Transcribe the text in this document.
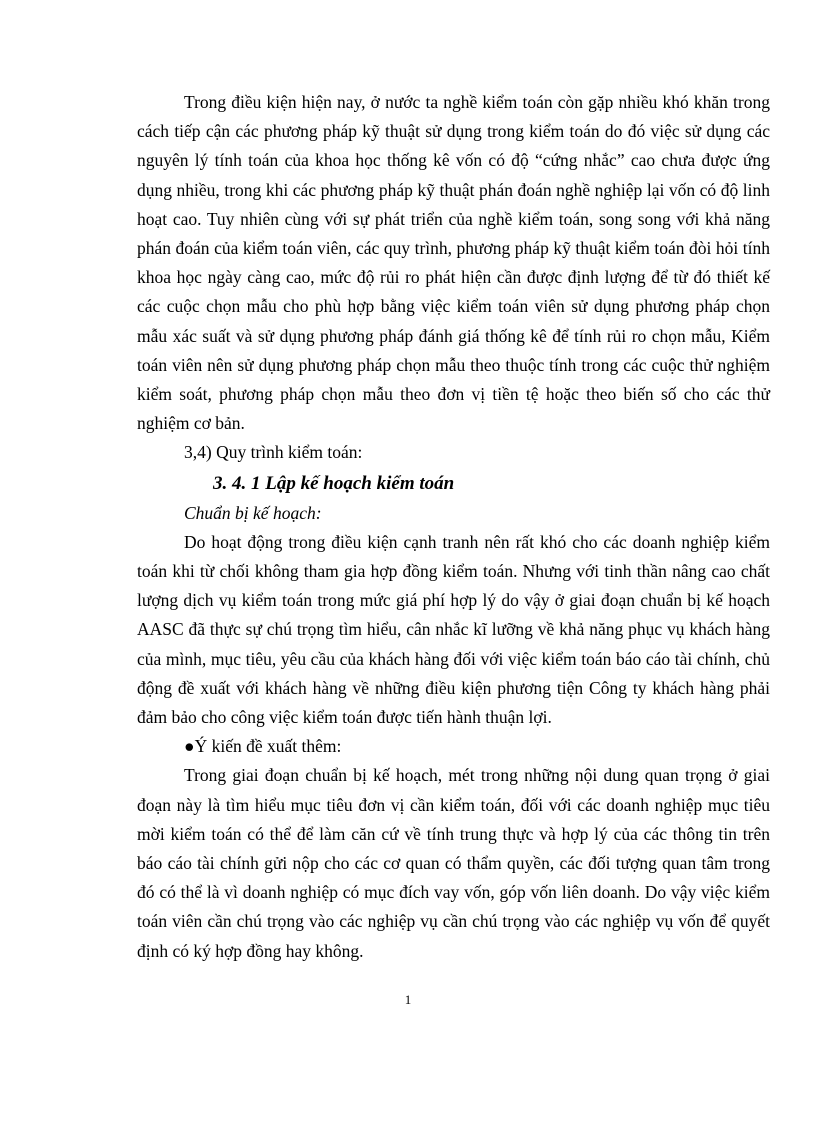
Trong điều kiện hiện nay, ở nước ta nghề kiểm toán còn gặp nhiều khó khăn trong cách tiếp cận các phương pháp kỹ thuật sử dụng trong kiểm toán do đó việc sử dụng các nguyên lý tính toán của khoa học thống kê vốn có độ “cứng nhắc” cao chưa được ứng dụng nhiều, trong khi các phương pháp kỹ thuật phán đoán nghề nghiệp lại vốn có độ linh hoạt cao. Tuy nhiên cùng với sự phát triển của nghề kiểm toán, song song với khả năng phán đoán của kiểm toán viên, các quy trình, phương pháp kỹ thuật kiểm toán đòi hỏi tính khoa học ngày càng cao, mức độ rủi ro phát hiện cần được định lượng để từ đó thiết kế các cuộc chọn mẫu cho phù hợp bằng việc kiểm toán viên sử dụng phương pháp chọn mẫu xác suất và sử dụng phương pháp đánh giá thống kê để tính rủi ro chọn mẫu, Kiểm toán viên nên sử dụng phương pháp chọn mẫu theo thuộc tính trong các cuộc thử nghiệm kiểm soát, phương pháp chọn mẫu theo đơn vị tiền tệ hoặc theo biến số cho các thử nghiệm cơ bản.

3,4) Quy trình kiểm toán:

3. 4. 1 Lập kế hoạch kiểm toán

Chuẩn bị kế hoạch:

Do hoạt động trong điều kiện cạnh tranh nên rất khó cho các doanh nghiệp kiểm toán khi từ chối không tham gia hợp đồng kiểm toán. Nhưng với tinh thần nâng cao chất lượng dịch vụ kiểm toán trong mức giá phí hợp lý do vậy ở giai đoạn chuẩn bị kế hoạch AASC đã thực sự chú trọng tìm hiểu, cân nhắc kĩ lưỡng về khả năng phục vụ khách hàng của mình, mục tiêu, yêu cầu của khách hàng đối với việc kiểm toán báo cáo tài chính, chủ động đề xuất với khách hàng về những điều kiện phương tiện Công ty khách hàng phải đảm bảo cho công việc kiểm toán được tiến hành thuận lợi.

●Ý kiến đề xuất thêm:

Trong giai đoạn chuẩn bị kế hoạch, mét trong những nội dung quan trọng ở giai đoạn này là tìm hiểu mục tiêu đơn vị cần kiểm toán, đối với các doanh nghiệp mục tiêu mời kiểm toán có thể để làm căn cứ về tính trung thực và hợp lý của các thông tin trên báo cáo tài chính gửi nộp cho các cơ quan có thẩm quyền, các đối tượng quan tâm trong đó có thể là vì doanh nghiệp có mục đích vay vốn, góp vốn liên doanh. Do vậy việc kiểm toán viên cần chú trọng vào các nghiệp vụ cần chú trọng vào các nghiệp vụ vốn để quyết định có ký hợp đồng hay không.

1
